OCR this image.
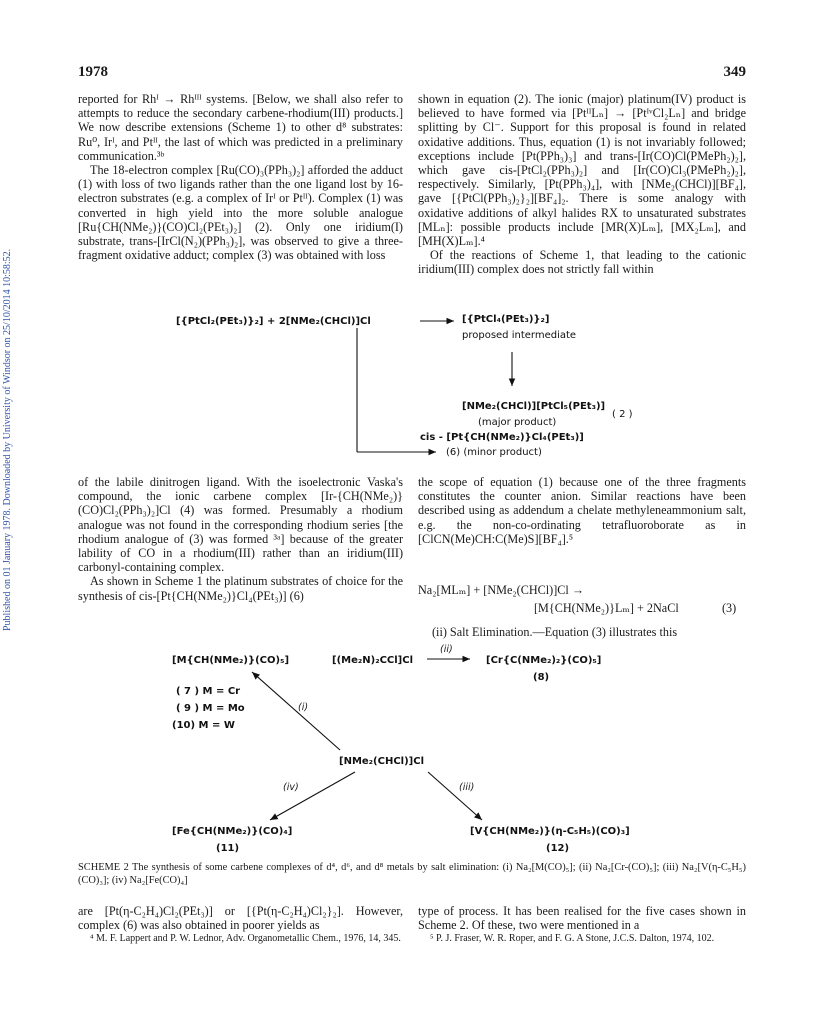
Published on 01 January 1978. Downloaded by University of Windsor on 25/10/2014 10:58:52.
1978	349

reported for Rhᴵ → Rhᴵᴵᴵ systems. [Below, we shall also refer to attempts to reduce the secondary carbene-rhodium(III) products.] We now describe extensions (Scheme 1) to other d⁸ substrates: Ru⁰, Irᴵ, and Ptᴵᴵ, the last of which was predicted in a preliminary communication.³ᵇ

The 18-electron complex [Ru(CO)₃(PPh₃)₂] afforded the adduct (1) with loss of two ligands rather than the one ligand lost by 16-electron substrates (e.g. a complex of Irᴵ or Ptᴵᴵ). Complex (1) was converted in high yield into the more soluble analogue [Ru{CH(NMe₂)}(CO)Cl₂(PEt₃)₂] (2). Only one iridium(I) substrate, trans-[IrCl(N₂)(PPh₃)₂], was observed to give a three-fragment oxidative adduct; complex (3) was obtained with loss

shown in equation (2). The ionic (major) platinum(IV) product is believed to have formed via [PtᴵᴵLₙ] → [PtᴵᵛCl₂Lₙ] and bridge splitting by Cl⁻. Support for this proposal is found in related oxidative additions. Thus, equation (1) is not invariably followed; exceptions include [Pt(PPh₃)₃] and trans-[Ir(CO)Cl(PMePh₂)₂], which gave cis-[PtCl₂(PPh₃)₂] and [Ir(CO)Cl₃(PMePh₂)₂], respectively. Similarly, [Pt(PPh₃)₄], with [NMe₂(CHCl)][BF₄], gave [{PtCl(PPh₃)₂}₂][BF₄]₂. There is some analogy with oxidative additions of alkyl halides RX to unsaturated substrates [MLₙ]: possible products include [MR(X)Lₘ], [MX₂Lₘ], and [MH(X)Lₘ].⁴

Of the reactions of Scheme 1, that leading to the cationic iridium(III) complex does not strictly fall within

[{PtCl₂(PEt₃)}₂] + 2[NMe₂(CHCl)]Cl	[{PtCl₄(PEt₃)}₂]
proposed intermediate
[NMe₂(CHCl)][PtCl₅(PEt₃)]
(major product)
( 2 )
cis - [Pt{CH(NMe₂)}Cl₄(PEt₃)]
(6) (minor product)

of the labile dinitrogen ligand. With the isoelectronic Vaska's compound, the ionic carbene complex [Ir-{CH(NMe₂)}(CO)Cl₂(PPh₃)₂]Cl (4) was formed. Presumably a rhodium analogue was not found in the corresponding rhodium series [the rhodium analogue of (3) was formed ³ᵃ] because of the greater lability of CO in a rhodium(III) rather than an iridium(III) carbonyl-containing complex.

As shown in Scheme 1 the platinum substrates of choice for the synthesis of cis-[Pt{CH(NMe₂)}Cl₄(PEt₃)] (6)

the scope of equation (1) because one of the three fragments constitutes the counter anion. Similar reactions have been described using as addendum a chelate methyleneammonium salt, e.g. the non-co-ordinating tetrafluoroborate as in [ClCN(Me)CH:C(Me)S][BF₄].⁵

Na₂[MLₘ] + [NMe₂(CHCl)]Cl →
[M{CH(NMe₂)}Lₘ] + 2NaCl	(3)

(ii) Salt Elimination.—Equation (3) illustrates this

[M{CH(NMe₂)}(CO)₅]
( 7 ) M = Cr
( 9 ) M = Mo
(10) M = W
[(Me₂N)₂CCl]Cl
(ii)
[Cr{C(NMe₂)₂}(CO)₅]
(8)
(i)
[NMe₂(CHCl)]Cl
(iv)	(iii)
[Fe{CH(NMe₂)}(CO)₄]
(11)
[V{CH(NMe₂)}(η-C₅H₅)(CO)₃]
(12)
SCHEME 2 The synthesis of some carbene complexes of d⁴, d⁶, and d⁸ metals by salt elimination: (i) Na₂[M(CO)₅]; (ii) Na₂[Cr-(CO)₅]; (iii) Na₂[V(η-C₅H₅)(CO)₃]; (iv) Na₂[Fe(CO)₄]

are [Pt(η-C₂H₄)Cl₂(PEt₃)] or [{Pt(η-C₂H₄)Cl₂}₂]. However, complex (6) was also obtained in poorer yields as

⁴ M. F. Lappert and P. W. Lednor, Adv. Organometallic Chem., 1976, 14, 345.

type of process. It has been realised for the five cases shown in Scheme 2. Of these, two were mentioned in a

⁵ P. J. Fraser, W. R. Roper, and F. G. A Stone, J.C.S. Dalton, 1974, 102.
